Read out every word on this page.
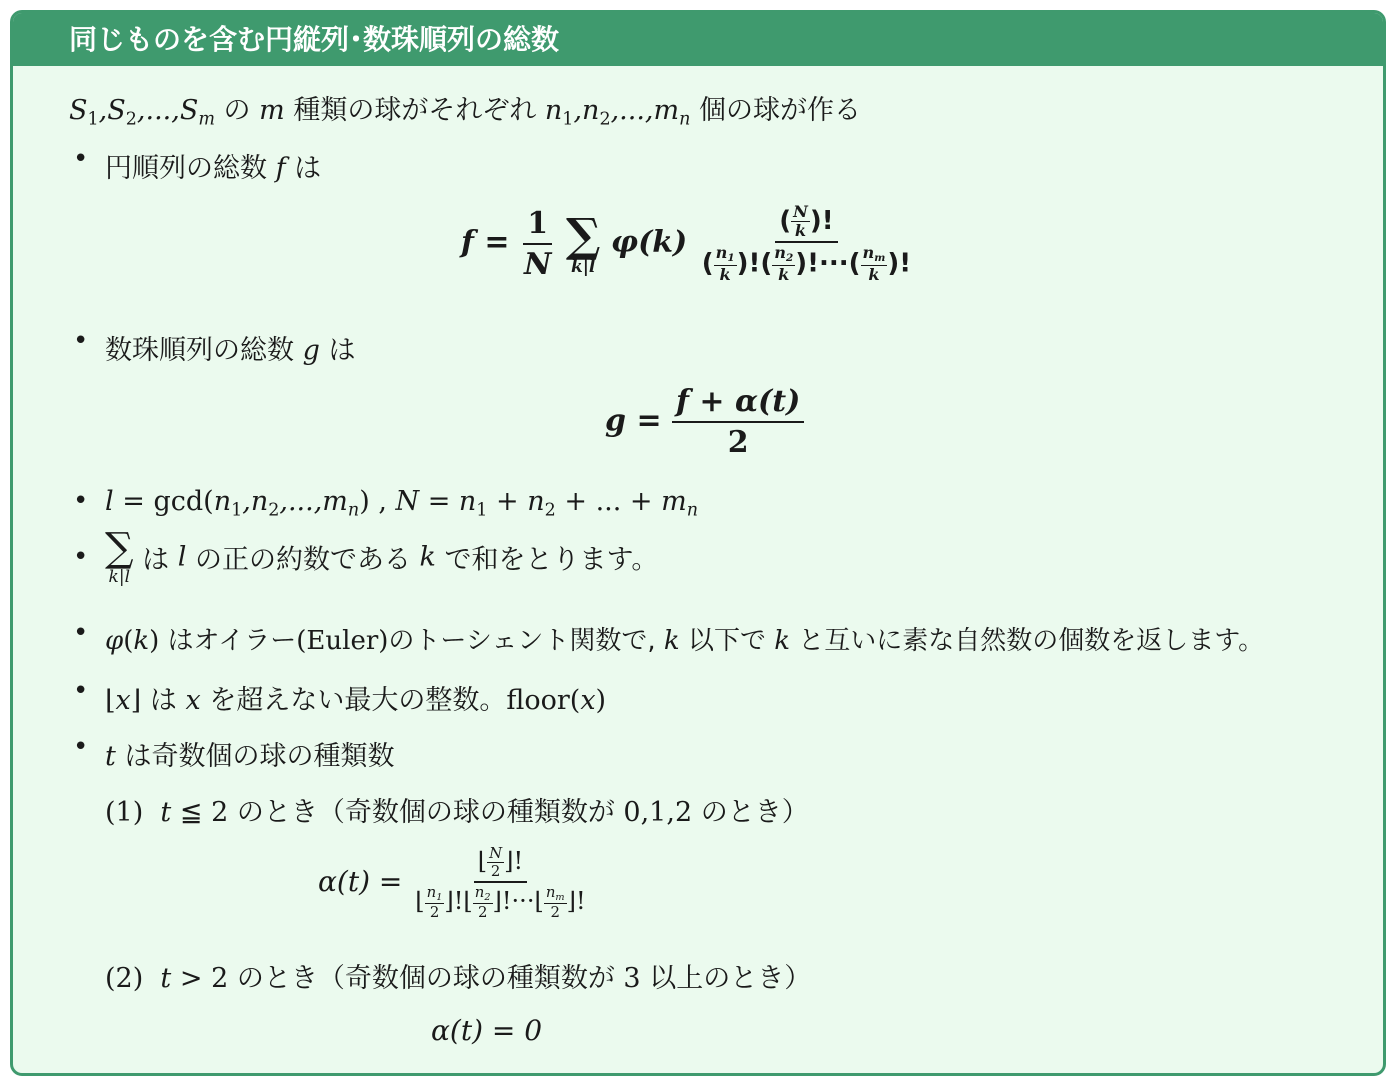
同じものを含む円縦列･数珠順列の総数
$S_1,S_2,...,S_m$ の m 種類の球がそれぞれ $n_1,n_2,...,m_n$ 個の球が作る
• 円順列の総数 f は
$f = \frac{1}{N}$
∑
k|l
$\varphi(k) \frac{( \frac{N}{k} )!}{( \frac{n_1}{k} )!( \frac{n_2}{k} )!\cdot\cdot\cdot( \frac{n_m}{k} )!}$
• 数珠順列の総数 g は
$g = \frac{f + \alpha(t)}{2}$
• $l = \gcd(n_1,n_2,...,m_n)$ , $N = n_1 + n_2$ + ... + $m_n$
• ∑
k|l
は l の正の約数である k で和をとります。
• φ(k) はオイラー(Euler)のトーシェント関数で, k 以下で k と互いに素な自然数の個数を返します。
• ⌊x⌋ は x を超えない最大の整数。floor(x)
• t は奇数個の球の種類数
(1) t ≦ 2 のとき（奇数個の球の種類数が 0,1,2 のとき）
$\alpha(t) = \frac{⌊ \frac{N}{2} ⌋!}{⌊ \frac{n_1}{2} ⌋!⌊ \frac{n_2}{2} ⌋!\cdot\cdot\cdot⌊ \frac{n_m}{2} ⌋!}$
(2) t > 2 のとき（奇数個の球の種類数が 3 以上のとき）
α(t) = 0
